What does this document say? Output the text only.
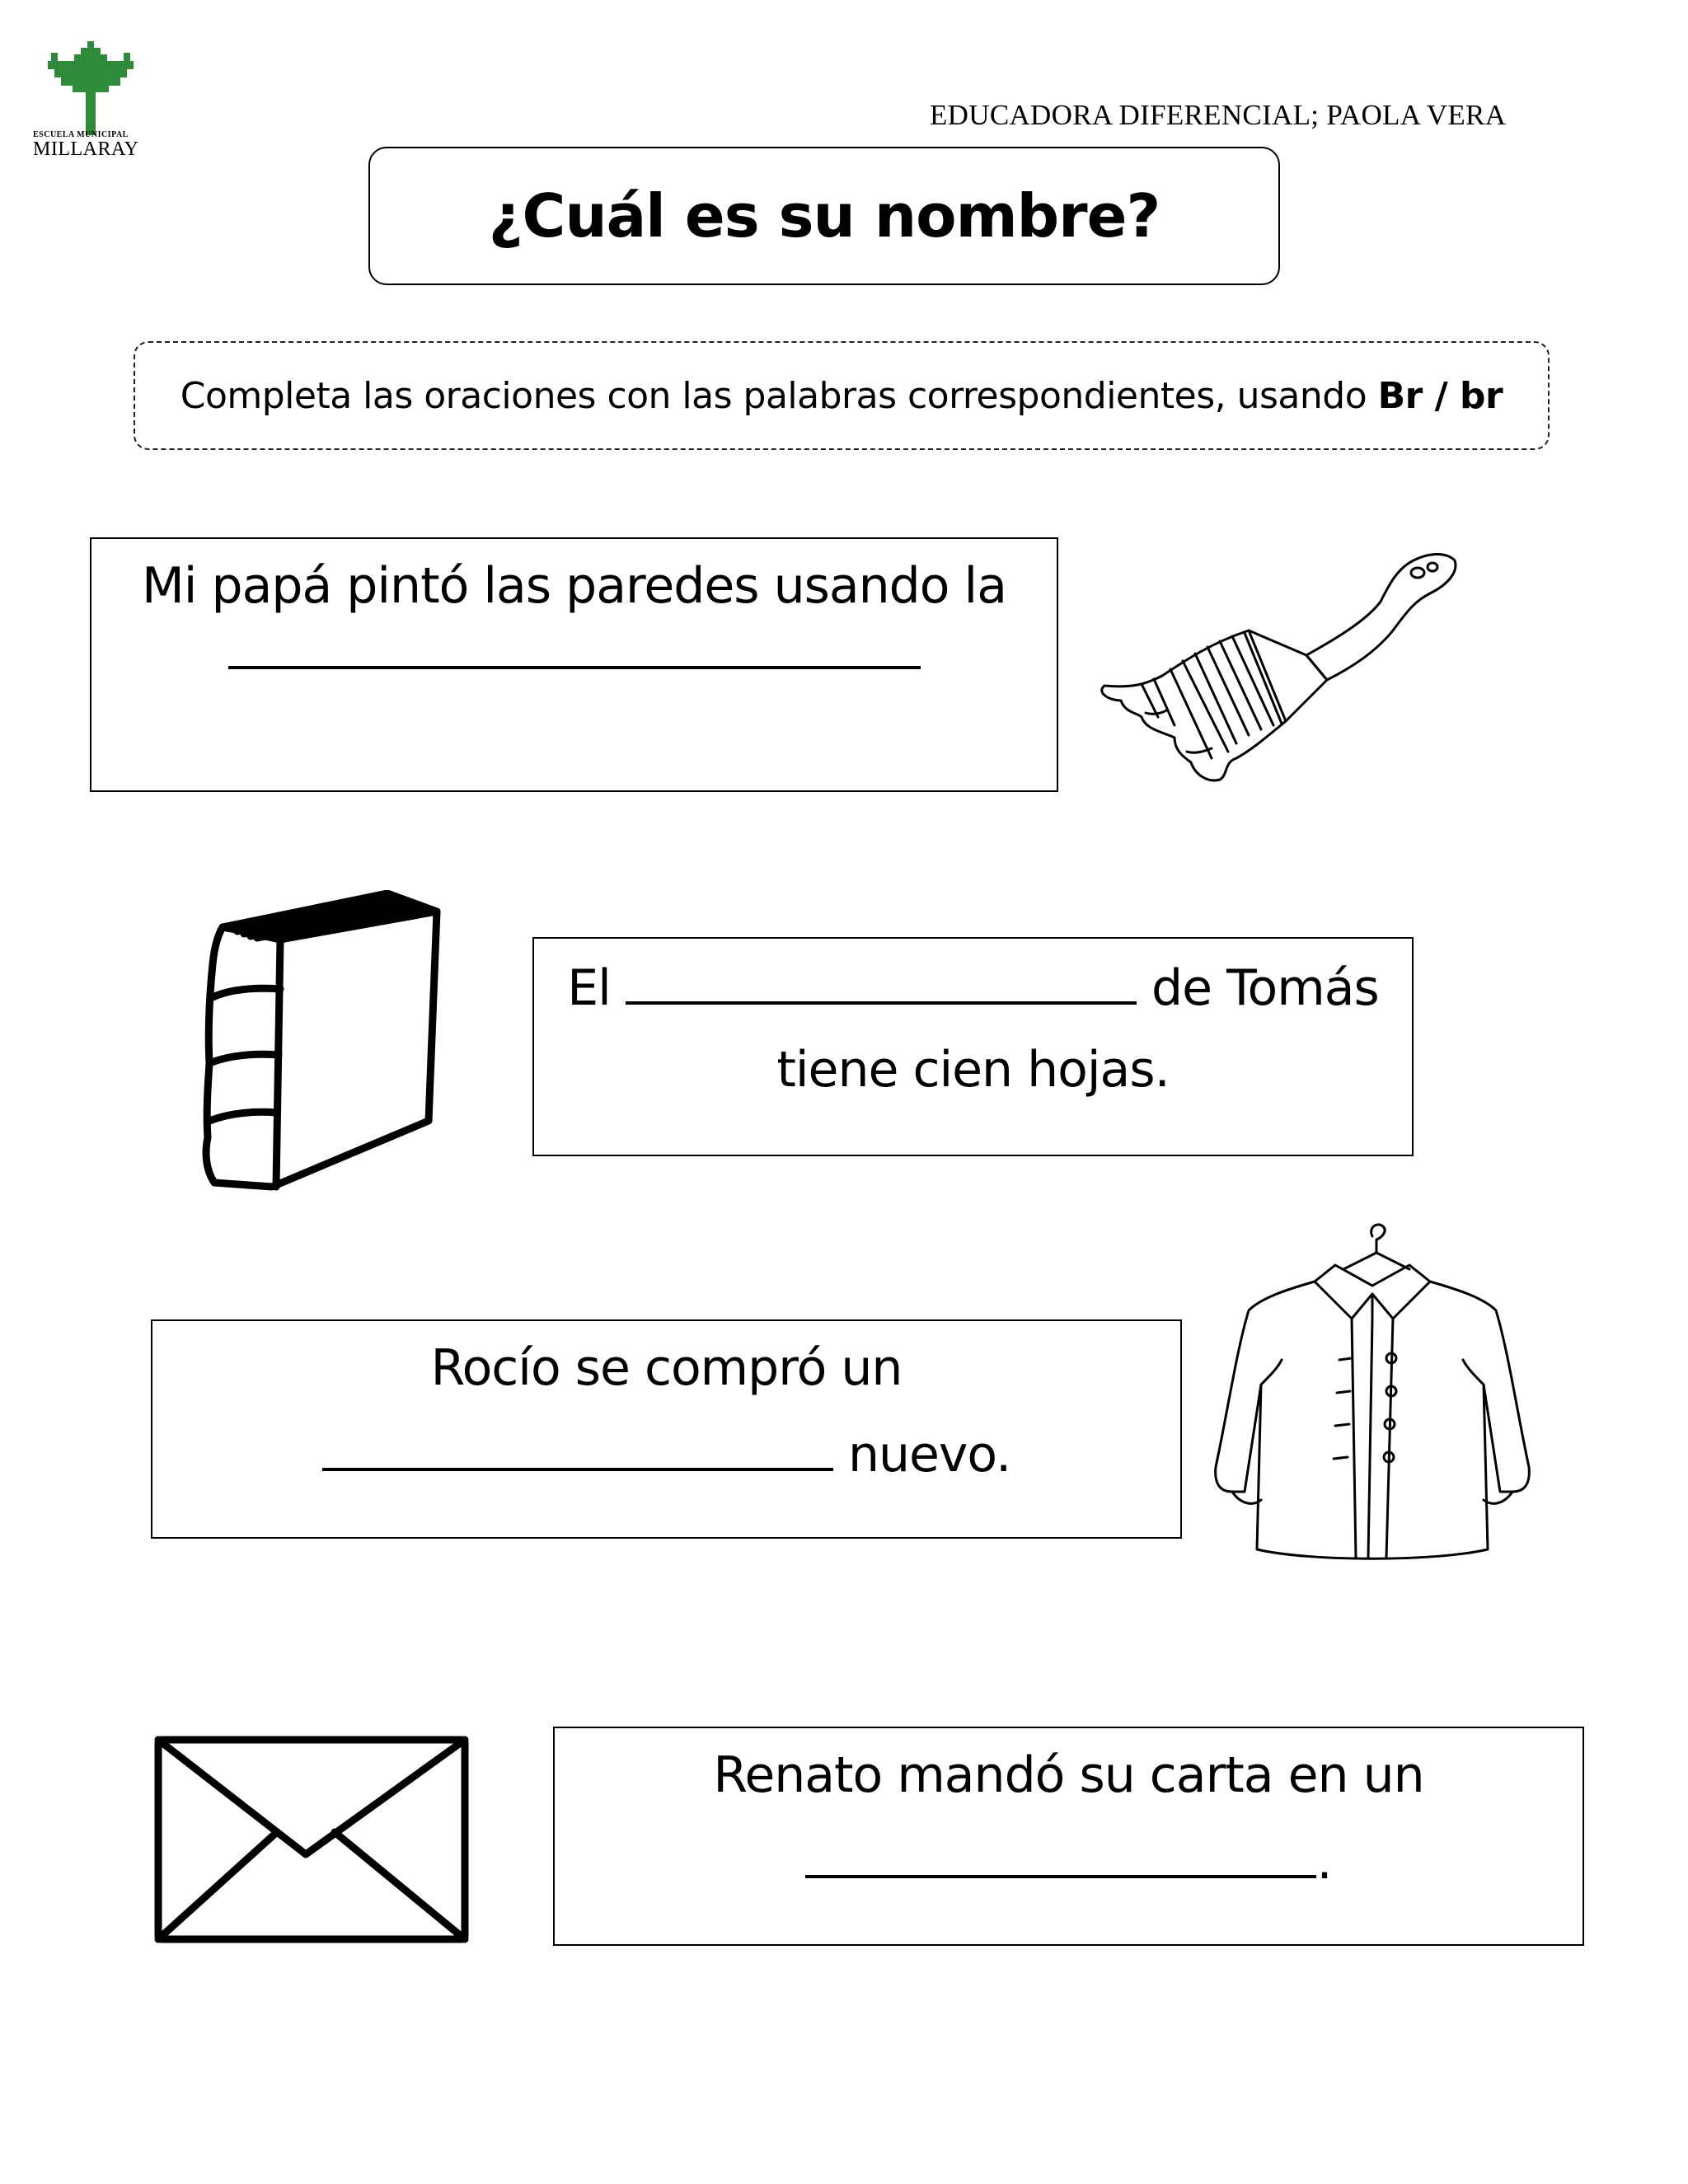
ESCUELA MUNICIPAL
MILLARAY
EDUCADORA DIFERENCIAL; PAOLA VERA
¿Cuál es su nombre?
Completa las oraciones con las palabras correspondientes, usando Br / br
Mi papá pintó las paredes usando la
El	de Tomás
tiene cien hojas.
Rocío se compró un
nuevo.
Renato mandó su carta en un
.
